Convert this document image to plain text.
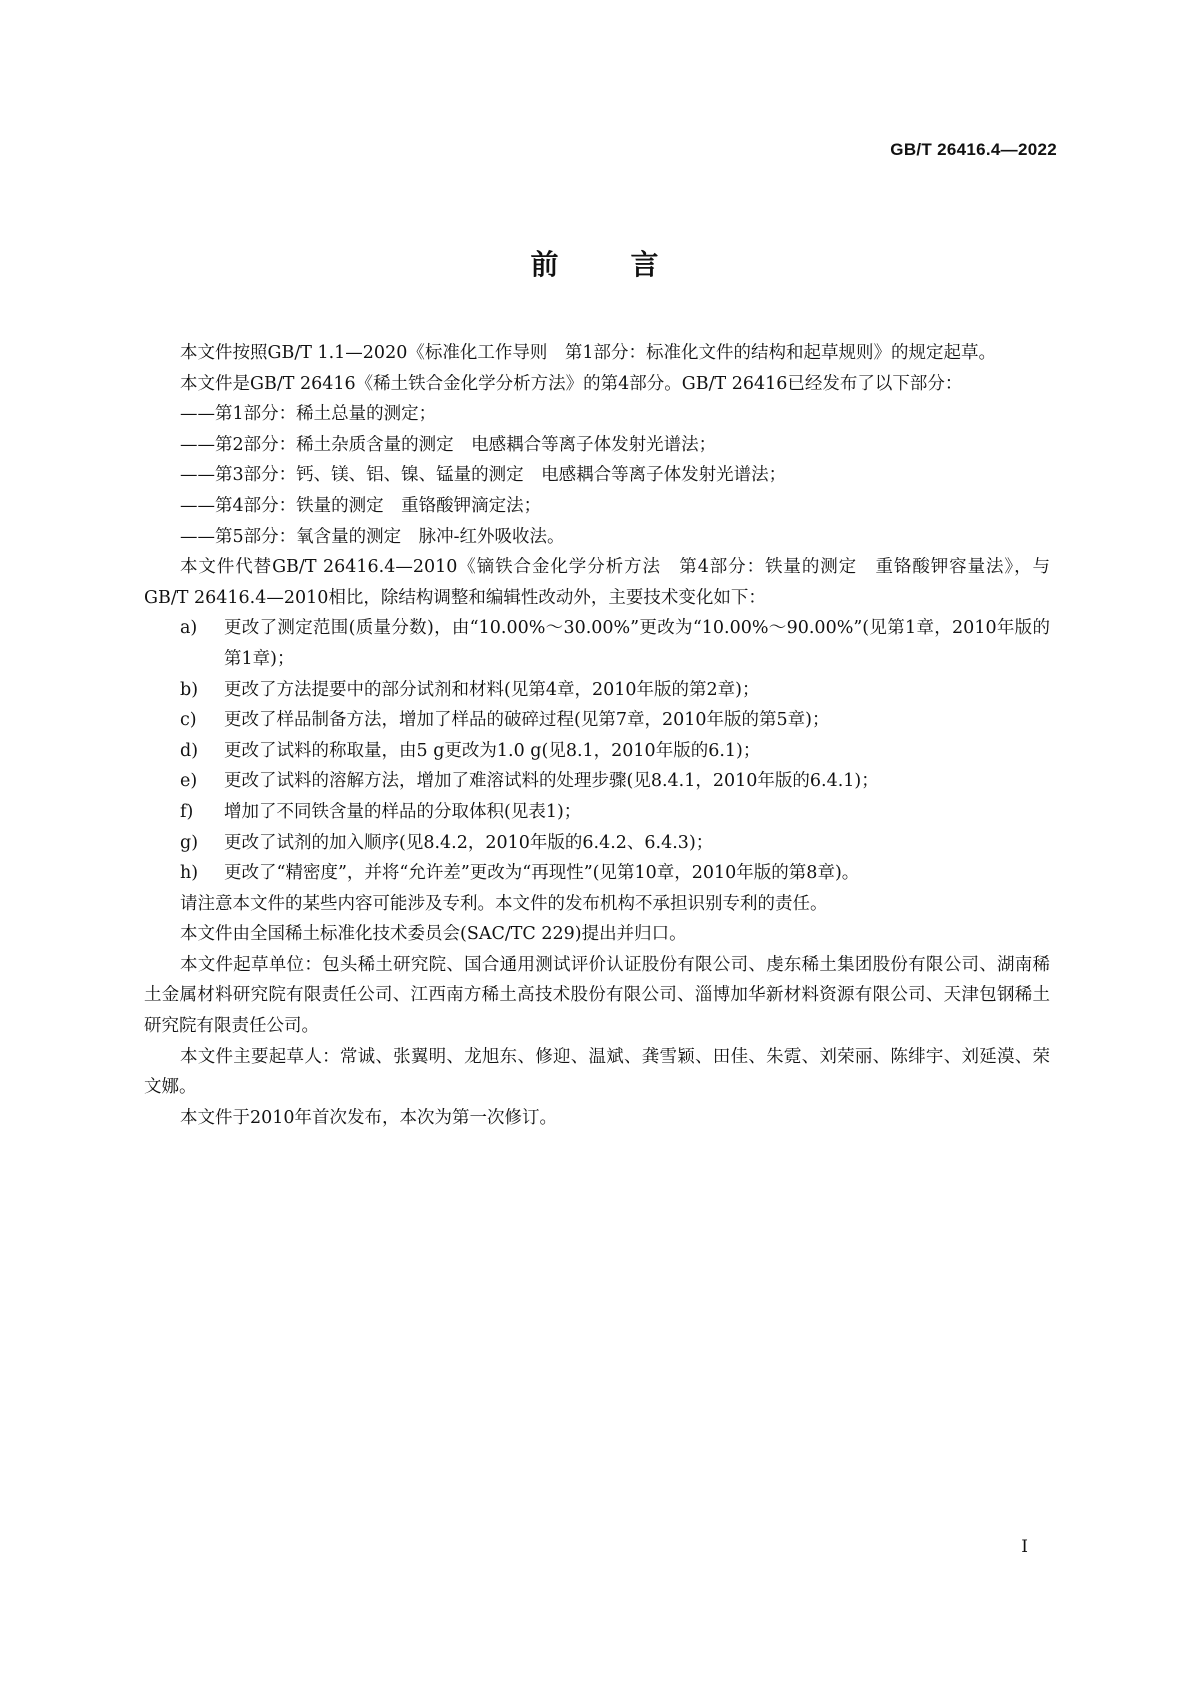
GB/T 26416.4—2022
前	言

本文件按照GB/T 1.1—2020《标准化工作导则　第1部分：标准化文件的结构和起草规则》的规定起草。

本文件是GB/T 26416《稀土铁合金化学分析方法》的第4部分。GB/T 26416已经发布了以下部分：

——第1部分：稀土总量的测定；

——第2部分：稀土杂质含量的测定　电感耦合等离子体发射光谱法；

——第3部分：钙、镁、铝、镍、锰量的测定　电感耦合等离子体发射光谱法；

——第4部分：铁量的测定　重铬酸钾滴定法；

——第5部分：氧含量的测定　脉冲-红外吸收法。

本文件代替GB/T 26416.4—2010《镝铁合金化学分析方法　第4部分：铁量的测定　重铬酸钾容量法》，与GB/T 26416.4—2010相比，除结构调整和编辑性改动外，主要技术变化如下：

a)	更改了测定范围(质量分数)，由“10.00%～30.00%”更改为“10.00%～90.00%”(见第1章，2010年版的第1章)；
b)	更改了方法提要中的部分试剂和材料(见第4章，2010年版的第2章)；
c)	更改了样品制备方法，增加了样品的破碎过程(见第7章，2010年版的第5章)；
d)	更改了试料的称取量，由5 g更改为1.0 g(见8.1，2010年版的6.1)；
e)	更改了试料的溶解方法，增加了难溶试料的处理步骤(见8.4.1，2010年版的6.4.1)；
f)	增加了不同铁含量的样品的分取体积(见表1)；
g)	更改了试剂的加入顺序(见8.4.2，2010年版的6.4.2、6.4.3)；
h)	更改了“精密度”，并将“允许差”更改为“再现性”(见第10章，2010年版的第8章)。

请注意本文件的某些内容可能涉及专利。本文件的发布机构不承担识别专利的责任。

本文件由全国稀土标准化技术委员会(SAC/TC 229)提出并归口。

本文件起草单位：包头稀土研究院、国合通用测试评价认证股份有限公司、虔东稀土集团股份有限公司、湖南稀土金属材料研究院有限责任公司、江西南方稀土高技术股份有限公司、淄博加华新材料资源有限公司、天津包钢稀土研究院有限责任公司。

本文件主要起草人：常诚、张翼明、龙旭东、修迎、温斌、龚雪颖、田佳、朱霓、刘荣丽、陈绯宇、刘延漠、荣文娜。

本文件于2010年首次发布，本次为第一次修订。

I
